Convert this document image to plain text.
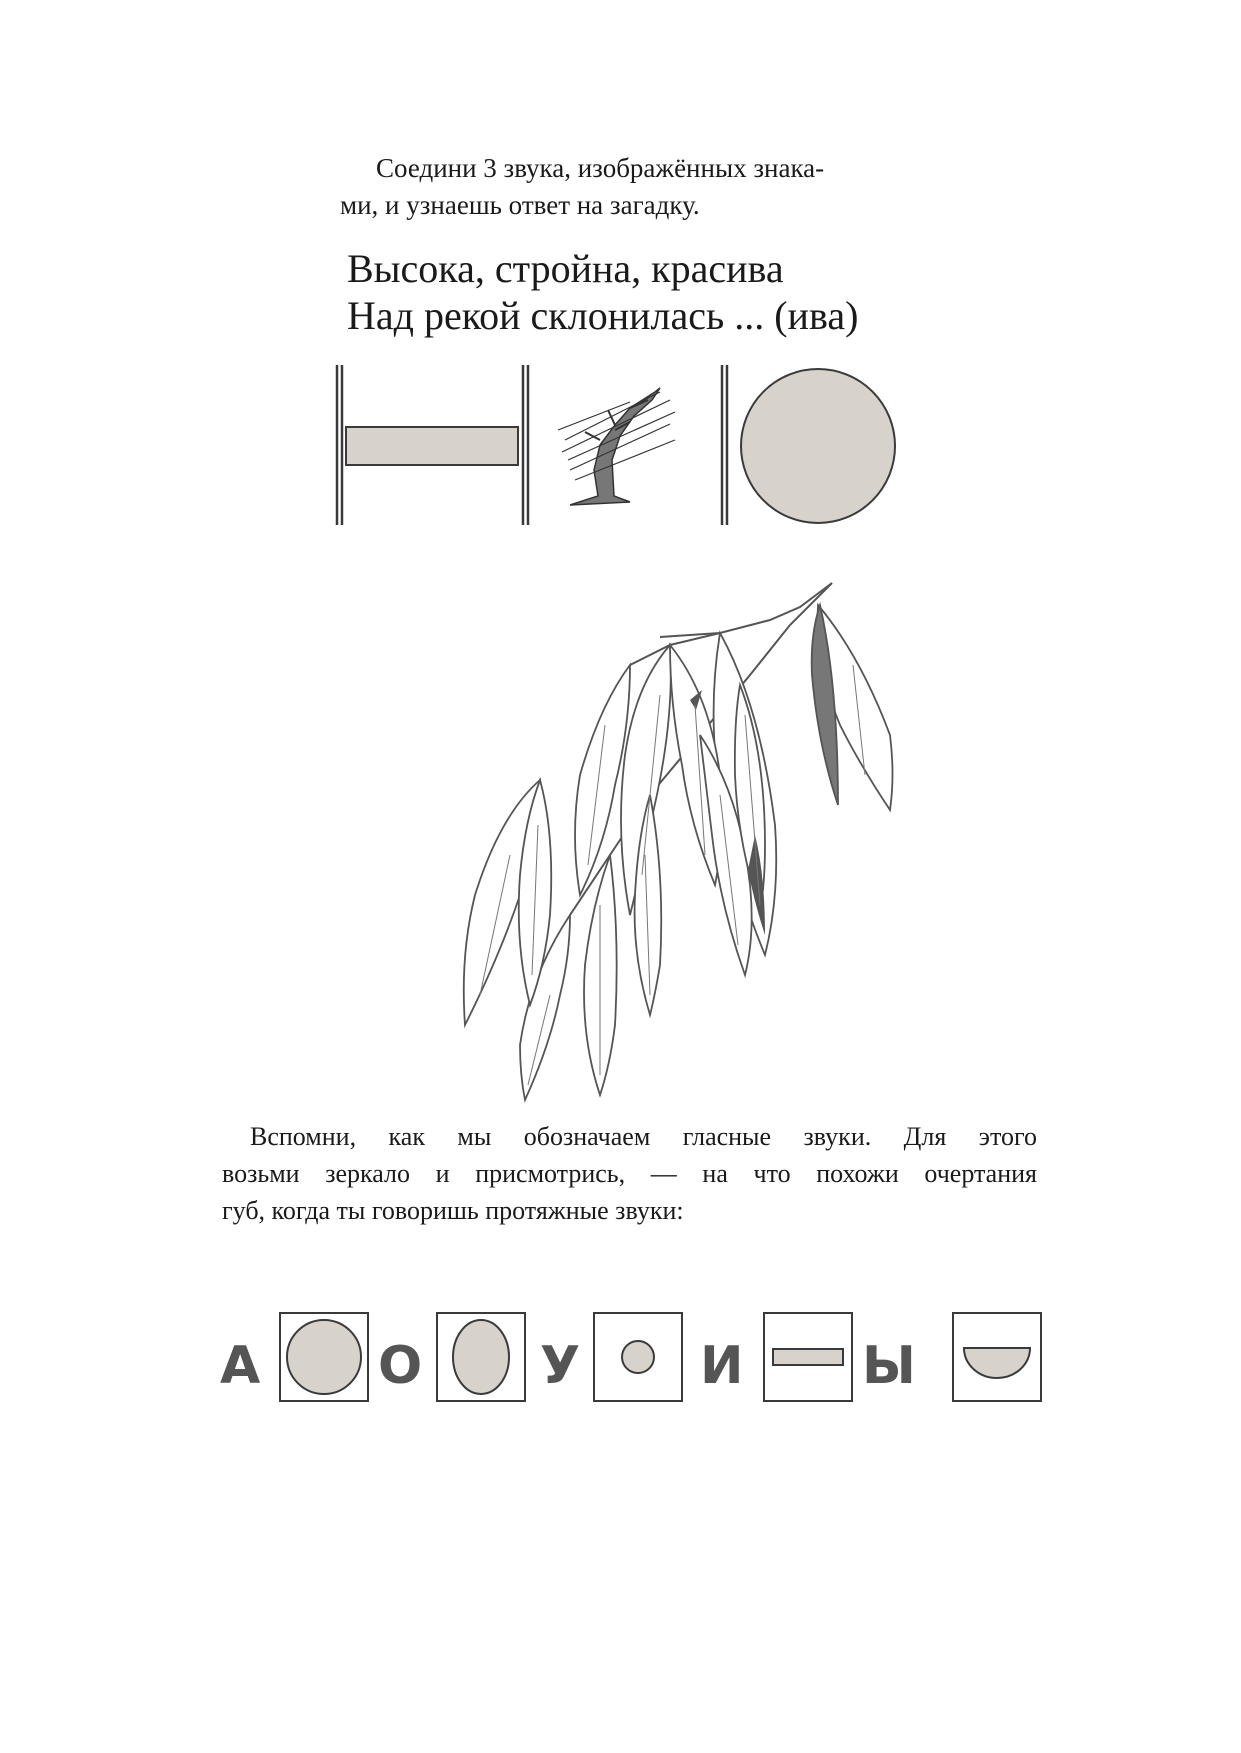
Соедини 3 звука, изображённых знака-
ми, и узнаешь ответ на загадку.
Высока, стройна, красива
Над рекой склонилась ... (ива)
Вспомни, как мы обозначаем гласные звуки. Для этого
возьми зеркало и присмотрись, — на что похожи очертания
губ, когда ты говоришь протяжные звуки:
А О У И Ы
